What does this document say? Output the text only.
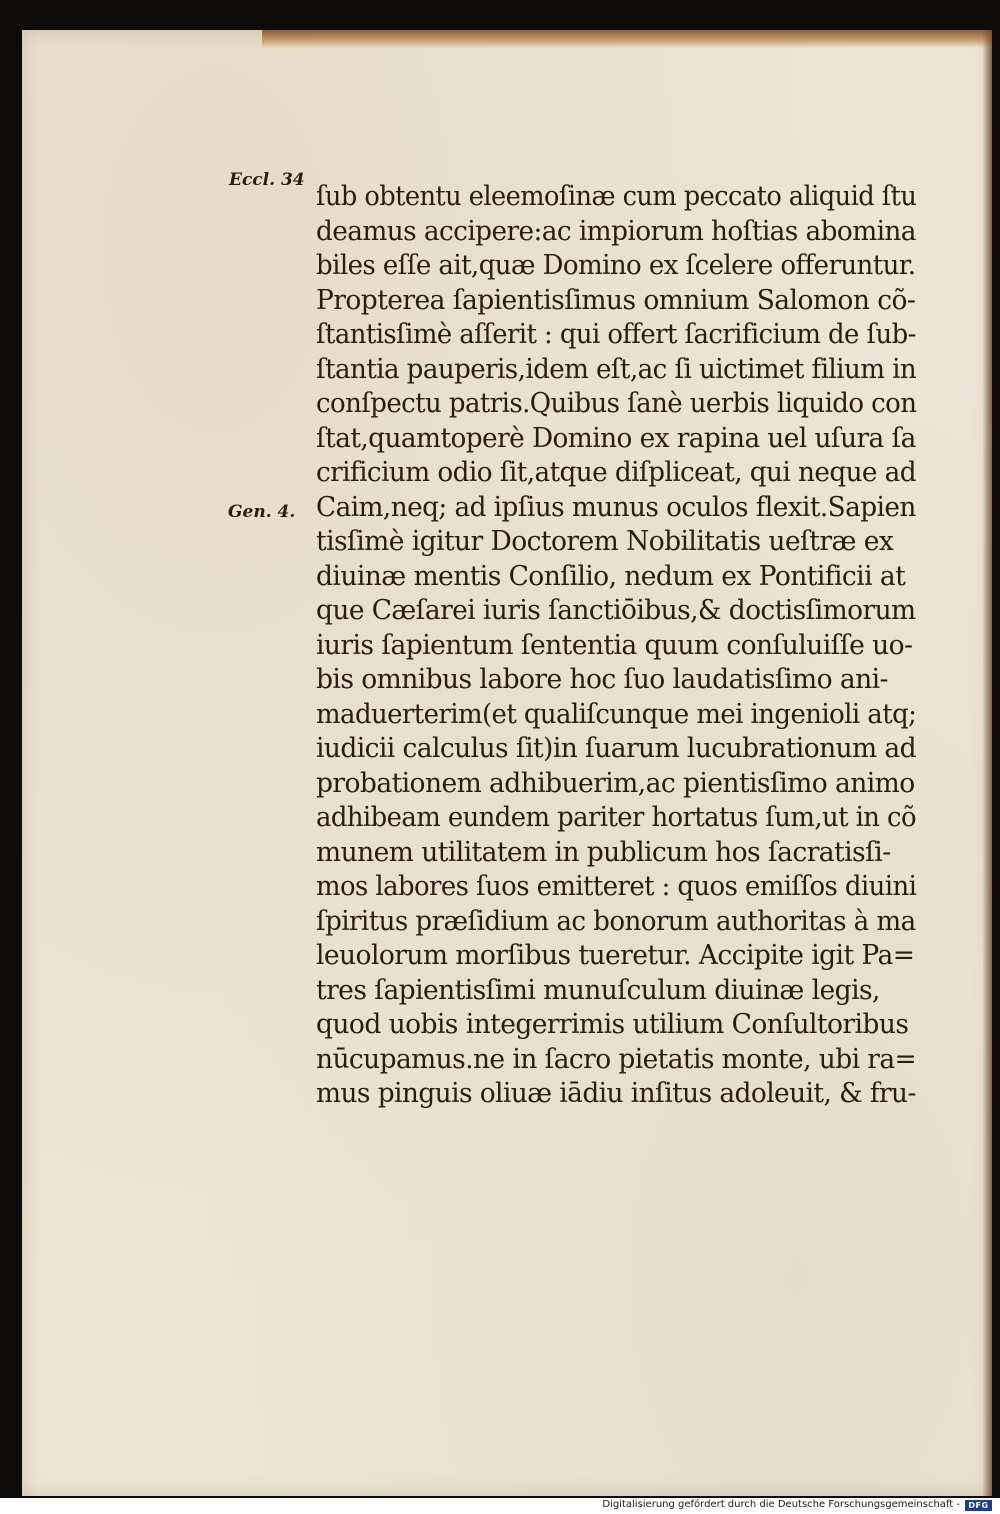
Eccl. 34
Gen. 4.
ſub obtentu eleemoſinæ cum peccato aliquid ſtu
deamus accipere:ac impiorum hoſtias abomina
biles eſſe ait,quæ Domino ex ſcelere offeruntur.
Propterea ſapientisſimus omnium Salomon cõ-
ſtantisſimè aſſerit : qui offert ſacrificium de ſub-
ſtantia pauperis,idem eſt,ac ſi uictimet filium in
conſpectu patris.Quibus ſanè uerbis liquido con
ſtat,quamtoperè Domino ex rapina uel uſura ſa
crificium odio ſit,atque diſpliceat, qui neque ad
Caim,neq; ad ipſius munus oculos flexit.Sapien
tisſimè igitur Doctorem Nobilitatis ueſtræ ex
diuinæ mentis Conſilio, nedum ex Pontificii at
que Cæſarei iuris ſanctiōibus,& doctisſimorum
iuris ſapientum ſententia quum conſuluiſſe uo-
bis omnibus labore hoc ſuo laudatisſimo ani-
maduerterim(et qualiſcunque mei ingenioli atq;
iudicii calculus ſit)in ſuarum lucubrationum ad
probationem adhibuerim,ac pientisſimo animo
adhibeam eundem pariter hortatus ſum,ut in cõ
munem utilitatem in publicum hos ſacratisſi-
mos labores ſuos emitteret : quos emiſſos diuini
ſpiritus præſidium ac bonorum authoritas à ma
leuolorum morſibus tueretur. Accipite igit Pa=
tres ſapientisſimi munuſculum diuinæ legis,
quod uobis integerrimis utilium Conſultoribus
nūcupamus.ne in ſacro pietatis monte, ubi ra=
mus pinguis oliuæ iādiu inſitus adoleuit, & fru-
Digitalisierung gefördert durch die Deutsche Forschungsgemeinschaft -	DFG
